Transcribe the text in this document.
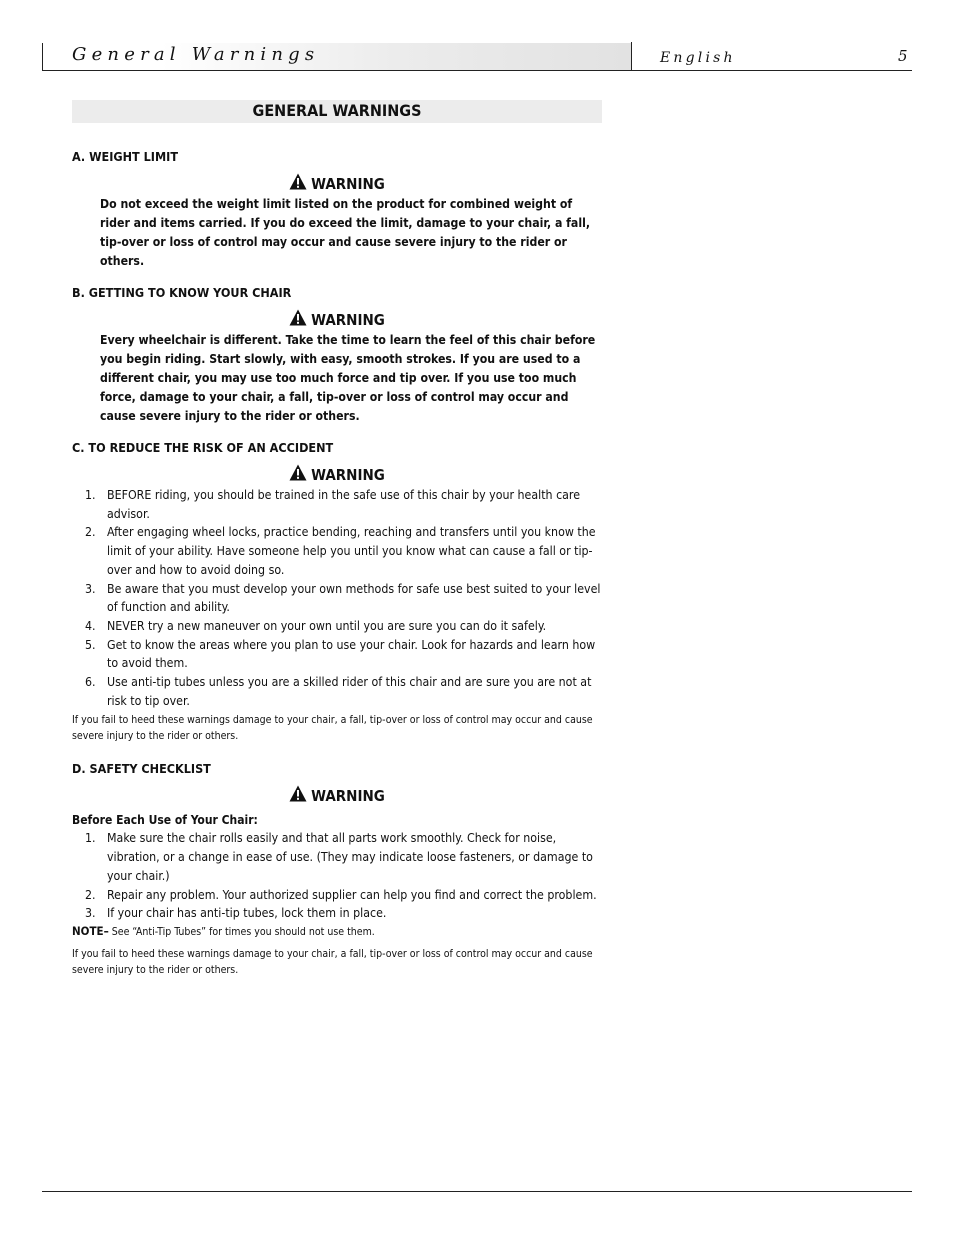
General Warnings	English	5
GENERAL WARNINGS
A. WEIGHT LIMIT
WARNING
Do not exceed the weight limit listed on the product for combined weight of rider and items carried. If you do exceed the limit, damage to your chair, a fall, tip-over or loss of control may occur and cause severe injury to the rider or others.
B. GETTING TO KNOW YOUR CHAIR
WARNING
Every wheelchair is different. Take the time to learn the feel of this chair before you begin riding. Start slowly, with easy, smooth strokes. If you are used to a different chair, you may use too much force and tip over. If you use too much force, damage to your chair, a fall, tip-over or loss of control may occur and cause severe injury to the rider or others.
C. TO REDUCE THE RISK OF AN ACCIDENT
WARNING
1. BEFORE riding, you should be trained in the safe use of this chair by your health care advisor.
2. After engaging wheel locks, practice bending, reaching and transfers until you know the limit of your ability. Have someone help you until you know what can cause a fall or tip-over and how to avoid doing so.
3. Be aware that you must develop your own methods for safe use best suited to your level of function and ability.
4. NEVER try a new maneuver on your own until you are sure you can do it safely.
5. Get to know the areas where you plan to use your chair. Look for hazards and learn how to avoid them.
6. Use anti-tip tubes unless you are a skilled rider of this chair and are sure you are not at risk to tip over.
If you fail to heed these warnings damage to your chair, a fall, tip-over or loss of control may occur and cause severe injury to the rider or others.
D. SAFETY CHECKLIST
WARNING
Before Each Use of Your Chair:
1. Make sure the chair rolls easily and that all parts work smoothly. Check for noise, vibration, or a change in ease of use. (They may indicate loose fasteners, or damage to your chair.)
2. Repair any problem. Your authorized supplier can help you find and correct the problem.
3. If your chair has anti-tip tubes, lock them in place.
NOTE– See “Anti-Tip Tubes” for times you should not use them.
If you fail to heed these warnings damage to your chair, a fall, tip-over or loss of control may occur and cause severe injury to the rider or others.
